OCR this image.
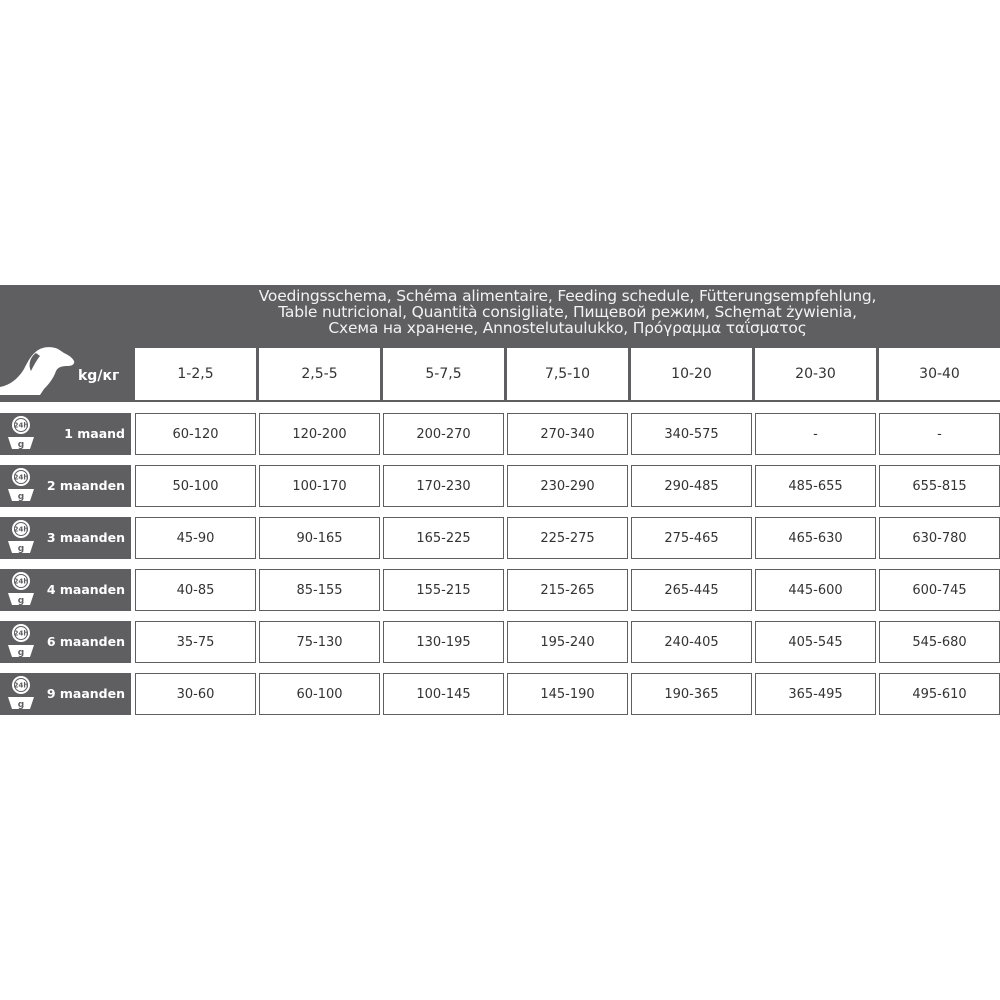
Voedingsschema, Schéma alimentaire, Feeding schedule, Fütterungsempfehlung,
Table nutricional, Quantità consigliate, Пищевой режим, Schemat żywienia,
Схема на хранене, Annostelutaulukko, Πρόγραμμα ταΐσματος
kg/кг	1-2,5	2,5-5	5-7,5	7,5-10	10-20	20-30	30-40
24h
g
1 maand	60-120	120-200	200-270	270-340	340-575	-	-
24h
g
2 maanden	50-100	100-170	170-230	230-290	290-485	485-655	655-815
24h
g
3 maanden	45-90	90-165	165-225	225-275	275-465	465-630	630-780
24h
g
4 maanden	40-85	85-155	155-215	215-265	265-445	445-600	600-745
24h
g
6 maanden	35-75	75-130	130-195	195-240	240-405	405-545	545-680
24h
g
9 maanden	30-60	60-100	100-145	145-190	190-365	365-495	495-610
